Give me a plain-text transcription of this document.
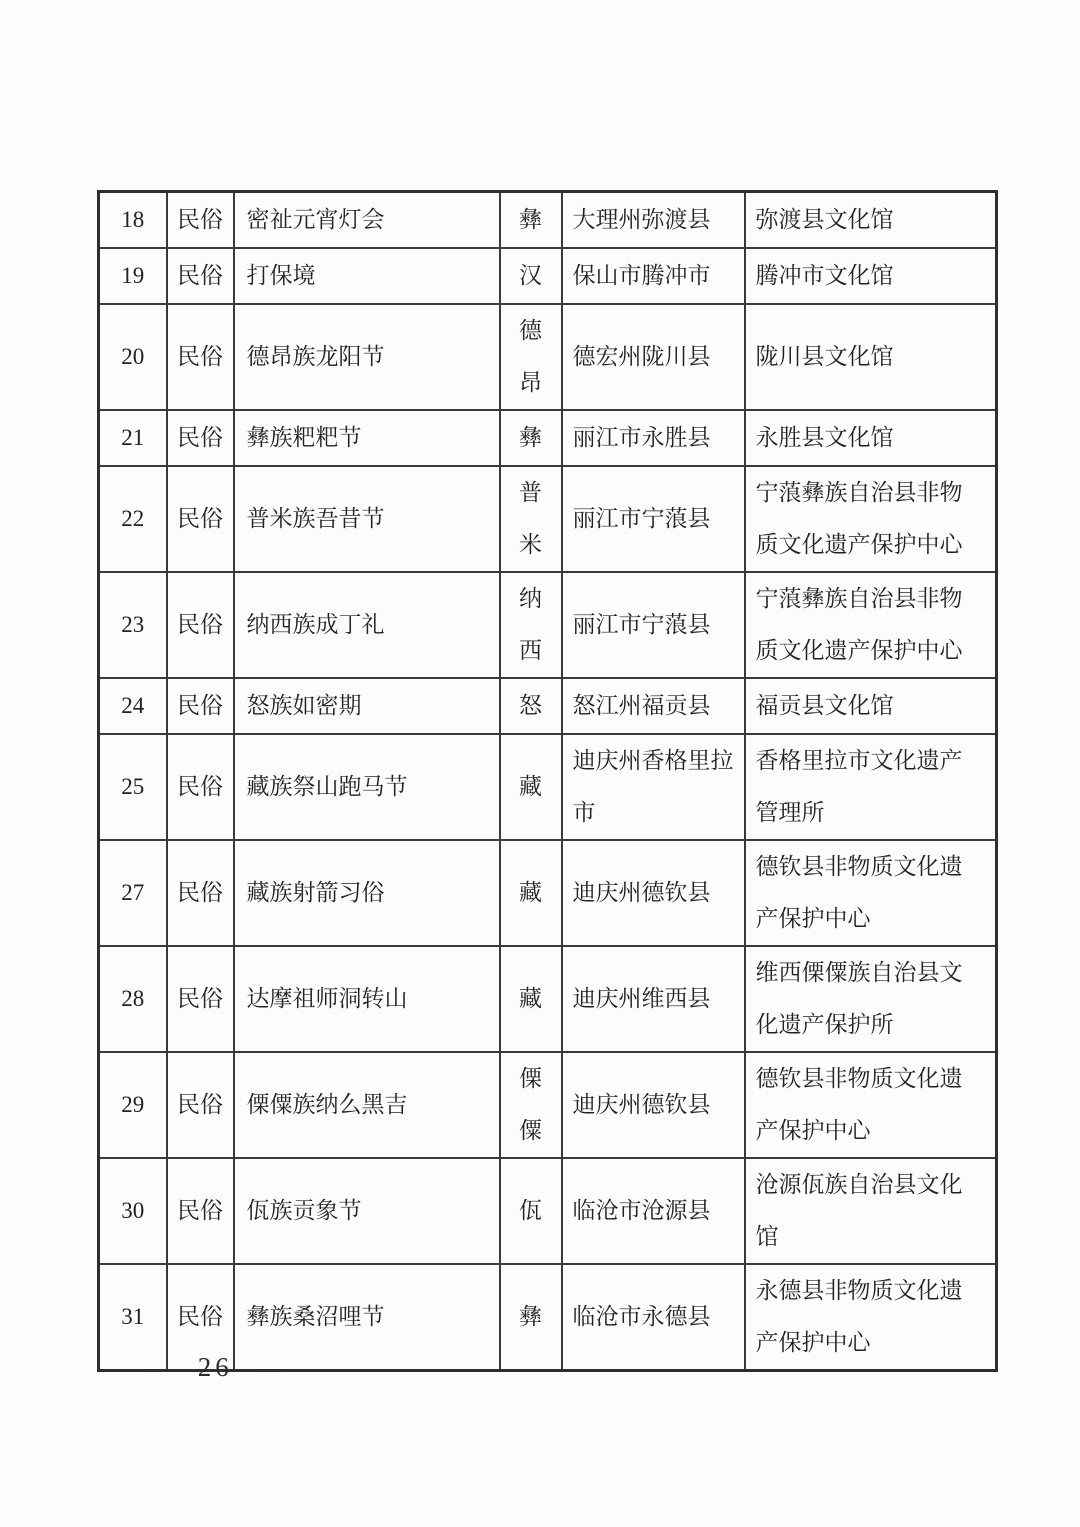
18	民俗	密祉元宵灯会	彝	大理州弥渡县	弥渡县文化馆
19	民俗	打保境	汉	保山市腾冲市	腾冲市文化馆
20	民俗	德昂族龙阳节	德昂	德宏州陇川县	陇川县文化馆
21	民俗	彝族粑粑节	彝	丽江市永胜县	永胜县文化馆
22	民俗	普米族吾昔节	普米	丽江市宁蒗县	宁蒗彝族自治县非物质文化遗产保护中心
23	民俗	纳西族成丁礼	纳西	丽江市宁蒗县	宁蒗彝族自治县非物质文化遗产保护中心
24	民俗	怒族如密期	怒	怒江州福贡县	福贡县文化馆
25	民俗	藏族祭山跑马节	藏	迪庆州香格里拉市	香格里拉市文化遗产管理所
27	民俗	藏族射箭习俗	藏	迪庆州德钦县	德钦县非物质文化遗产保护中心
28	民俗	达摩祖师洞转山	藏	迪庆州维西县	维西傈僳族自治县文化遗产保护所
29	民俗	傈僳族纳么黑吉	傈僳	迪庆州德钦县	德钦县非物质文化遗产保护中心
30	民俗	佤族贡象节	佤	临沧市沧源县	沧源佤族自治县文化馆
31	民俗	彝族桑沼哩节	彝	临沧市永德县	永德县非物质文化遗产保护中心
— 26 —
